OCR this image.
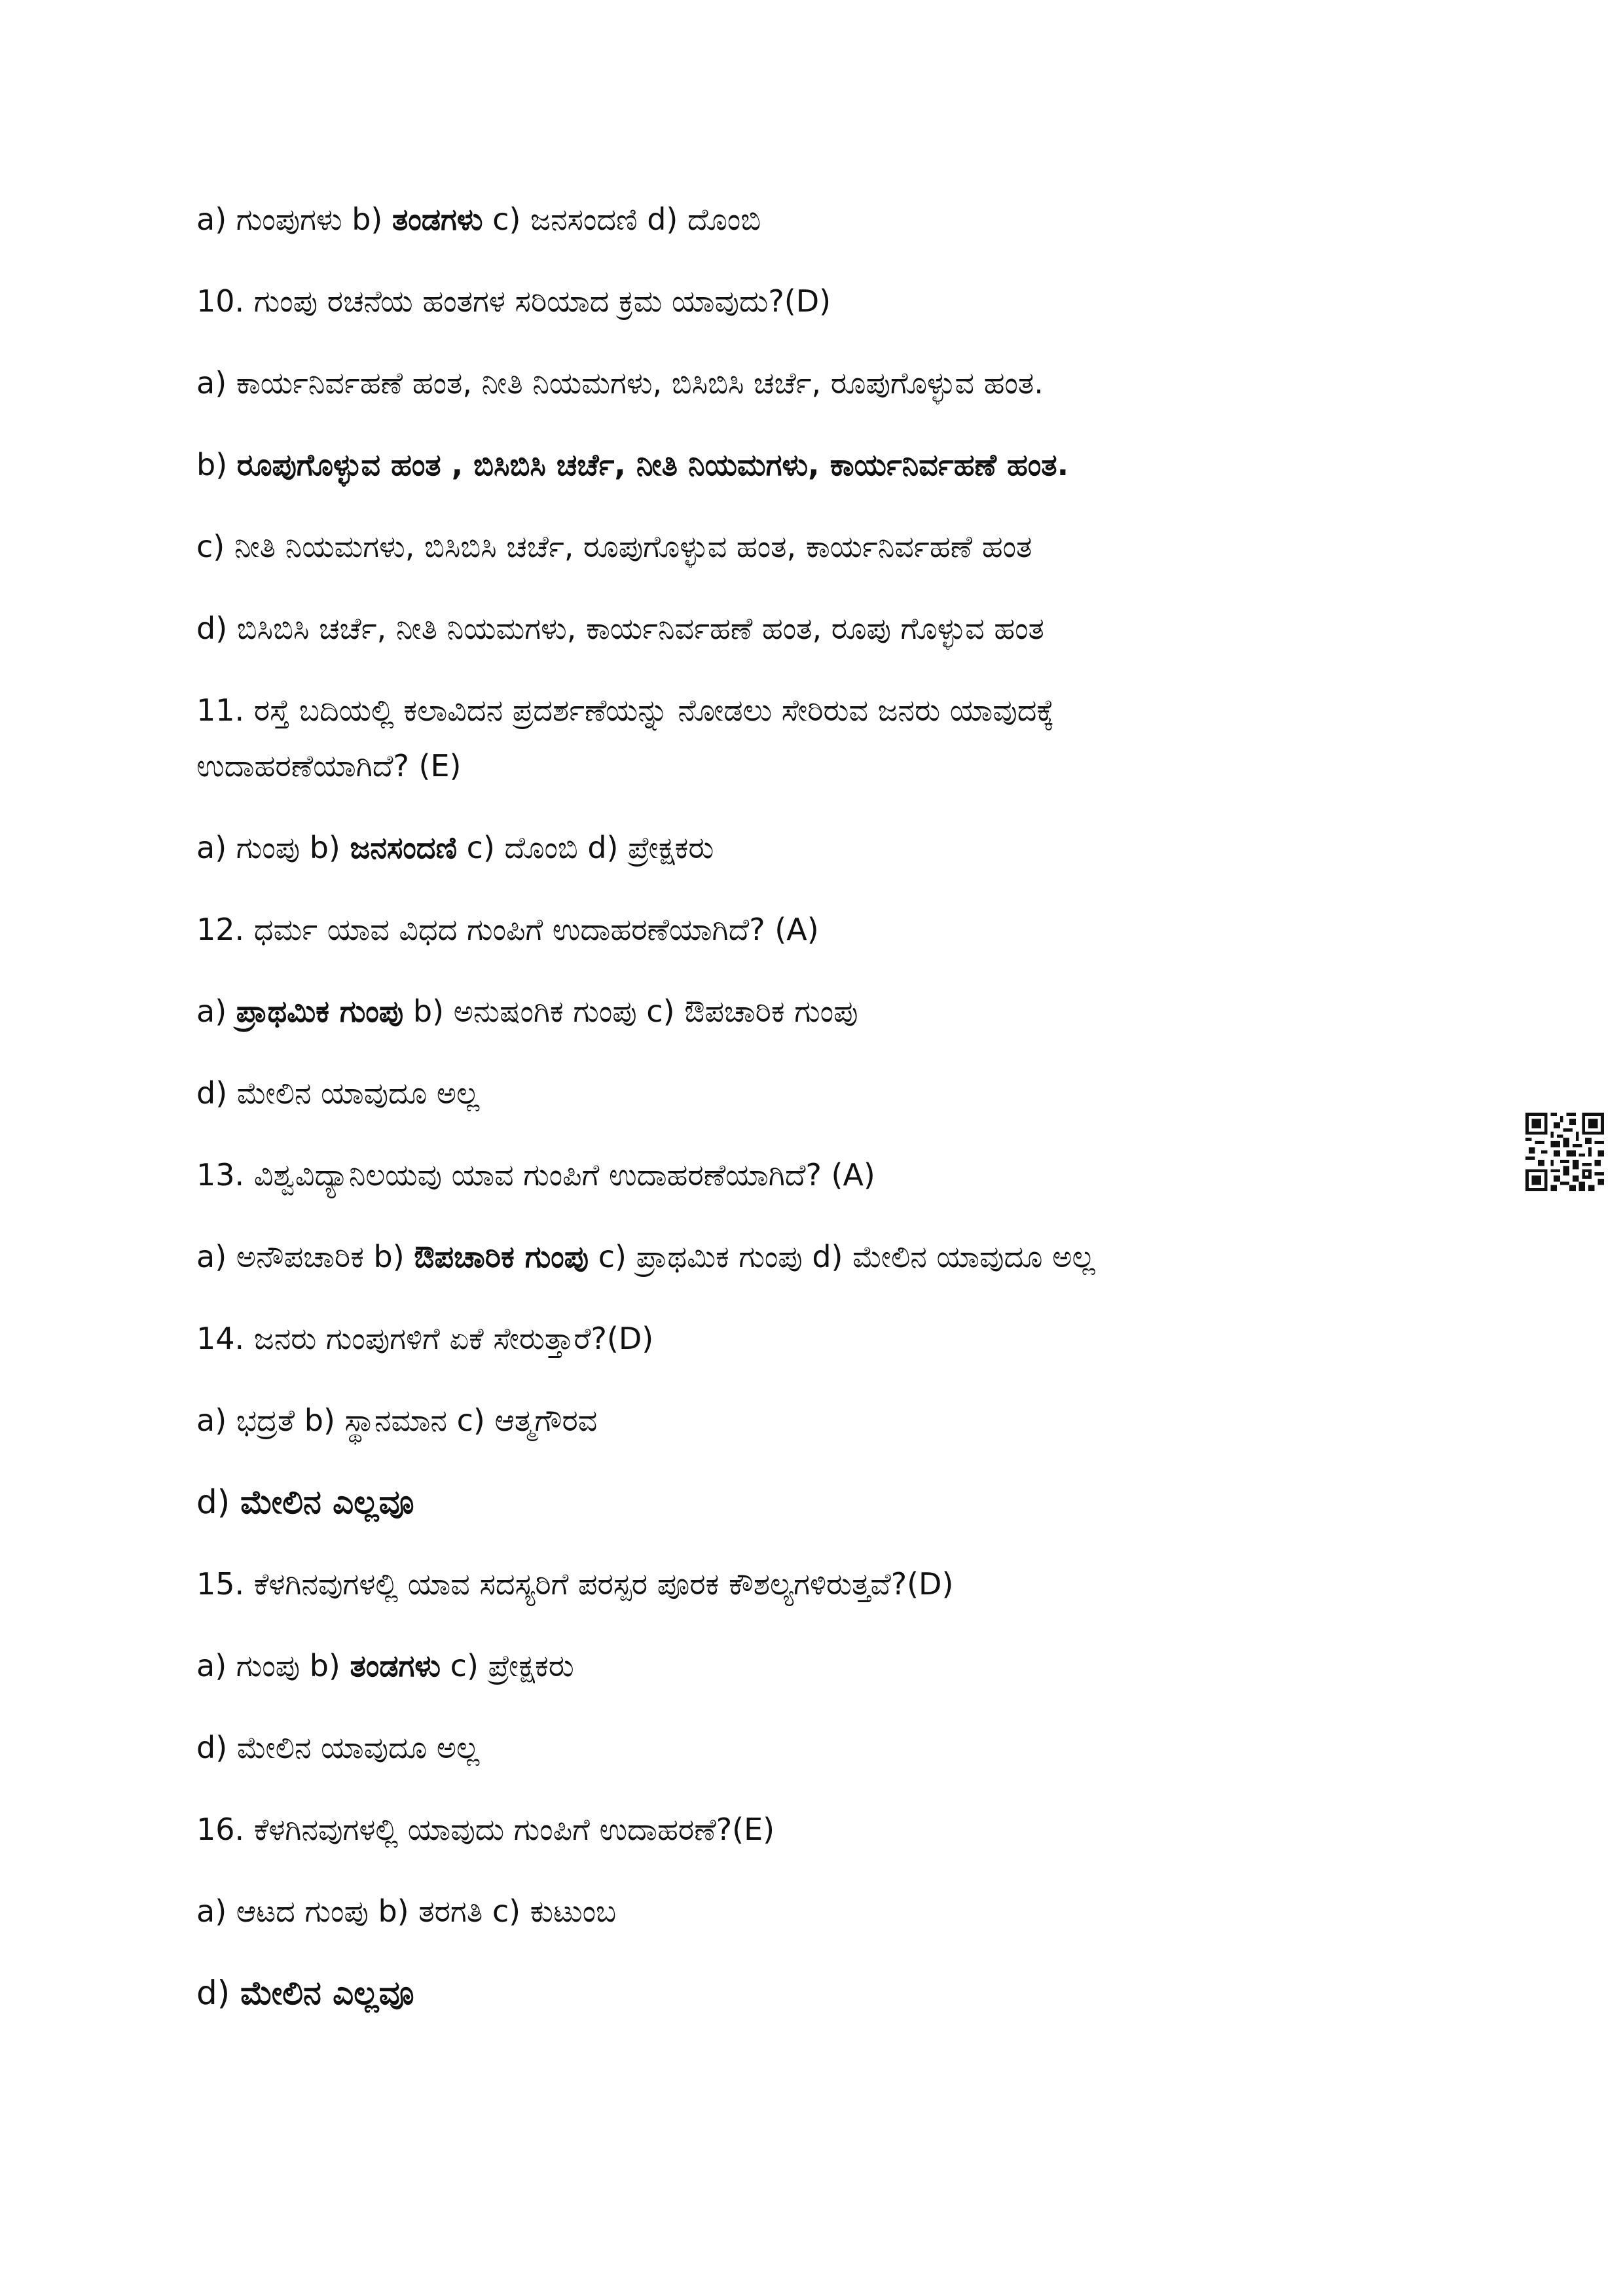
a) ಗುಂಪುಗಳು b) ತಂಡಗಳು c) ಜನಸಂದಣಿ d) ದೊಂಬಿ
10. ಗುಂಪು ರಚನೆಯ ಹಂತಗಳ ಸರಿಯಾದ ಕ್ರಮ ಯಾವುದು?(D)
a) ಕಾರ್ಯನಿರ್ವಹಣೆ ಹಂತ, ನೀತಿ ನಿಯಮಗಳು, ಬಿಸಿಬಿಸಿ ಚರ್ಚೆ, ರೂಪುಗೊಳ್ಳುವ ಹಂತ.
b) ರೂಪುಗೊಳ್ಳುವ ಹಂತ , ಬಿಸಿಬಿಸಿ ಚರ್ಚೆ, ನೀತಿ ನಿಯಮಗಳು, ಕಾರ್ಯನಿರ್ವಹಣೆ ಹಂತ.
c) ನೀತಿ ನಿಯಮಗಳು, ಬಿಸಿಬಿಸಿ ಚರ್ಚೆ, ರೂಪುಗೊಳ್ಳುವ ಹಂತ, ಕಾರ್ಯನಿರ್ವಹಣೆ ಹಂತ
d) ಬಿಸಿಬಿಸಿ ಚರ್ಚೆ, ನೀತಿ ನಿಯಮಗಳು, ಕಾರ್ಯನಿರ್ವಹಣೆ ಹಂತ, ರೂಪು ಗೊಳ್ಳುವ ಹಂತ
11. ರಸ್ತೆ ಬದಿಯಲ್ಲಿ ಕಲಾವಿದನ ಪ್ರದರ್ಶಣೆಯನ್ನು ನೋಡಲು ಸೇರಿರುವ ಜನರು ಯಾವುದಕ್ಕೆ
ಉದಾಹರಣೆಯಾಗಿದೆ? (E)
a) ಗುಂಪು b) ಜನಸಂದಣಿ c) ದೊಂಬಿ d) ಪ್ರೇಕ್ಷಕರು
12. ಧರ್ಮ ಯಾವ ವಿಧದ ಗುಂಪಿಗೆ ಉದಾಹರಣೆಯಾಗಿದೆ? (A)
a) ಪ್ರಾಥಮಿಕ ಗುಂಪು b) ಅನುಷಂಗಿಕ ಗುಂಪು c) ಔಪಚಾರಿಕ ಗುಂಪು
d) ಮೇಲಿನ ಯಾವುದೂ ಅಲ್ಲ
13. ವಿಶ್ವವಿದ್ಯಾನಿಲಯವು ಯಾವ ಗುಂಪಿಗೆ ಉದಾಹರಣೆಯಾಗಿದೆ? (A)
a) ಅನೌಪಚಾರಿಕ b) ಔಪಚಾರಿಕ ಗುಂಪು c) ಪ್ರಾಥಮಿಕ ಗುಂಪು d) ಮೇಲಿನ ಯಾವುದೂ ಅಲ್ಲ
14. ಜನರು ಗುಂಪುಗಳಿಗೆ ಏಕೆ ಸೇರುತ್ತಾರೆ?(D)
a) ಭದ್ರತೆ b) ಸ್ಥಾನಮಾನ c) ಆತ್ಮಗೌರವ
d) ಮೇಲಿನ ಎಲ್ಲವೂ
15. ಕೆಳಗಿನವುಗಳಲ್ಲಿ ಯಾವ ಸದಸ್ಯರಿಗೆ ಪರಸ್ಪರ ಪೂರಕ ಕೌಶಲ್ಯಗಳಿರುತ್ತವೆ?(D)
a) ಗುಂಪು b) ತಂಡಗಳು c) ಪ್ರೇಕ್ಷಕರು
d) ಮೇಲಿನ ಯಾವುದೂ ಅಲ್ಲ
16. ಕೆಳಗಿನವುಗಳಲ್ಲಿ ಯಾವುದು ಗುಂಪಿಗೆ ಉದಾಹರಣೆ?(E)
a) ಆಟದ ಗುಂಪು b) ತರಗತಿ c) ಕುಟುಂಬ
d) ಮೇಲಿನ ಎಲ್ಲವೂ
